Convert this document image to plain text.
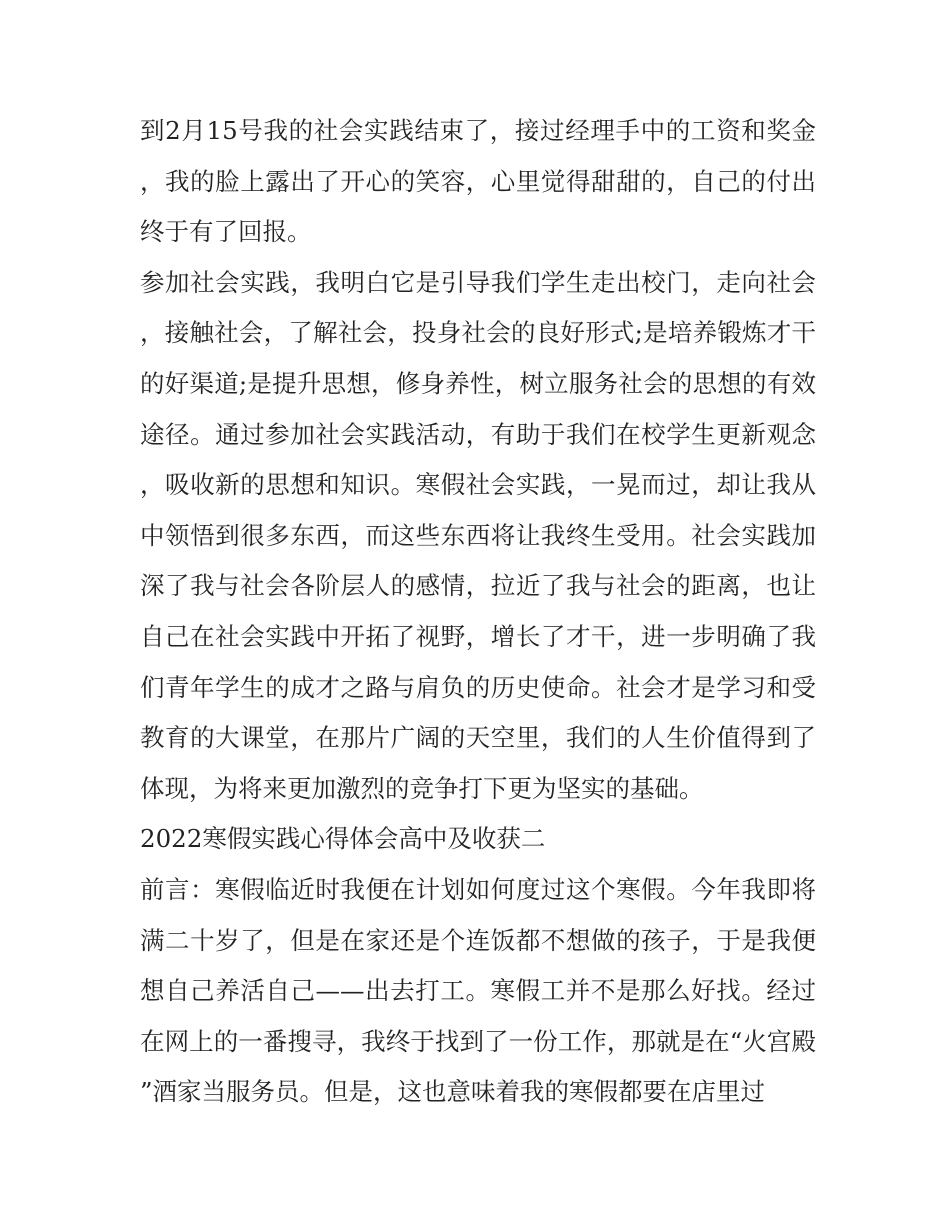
到2月15号我的社会实践结束了，接过经理手中的工资和奖金，我的脸上露出了开心的笑容，心里觉得甜甜的，自己的付出终于有了回报。

参加社会实践，我明白它是引导我们学生走出校门，走向社会，接触社会，了解社会，投身社会的良好形式;是培养锻炼才干的好渠道;是提升思想，修身养性，树立服务社会的思想的有效途径。通过参加社会实践活动，有助于我们在校学生更新观念，吸收新的思想和知识。寒假社会实践，一晃而过，却让我从中领悟到很多东西，而这些东西将让我终生受用。社会实践加深了我与社会各阶层人的感情，拉近了我与社会的距离，也让自己在社会实践中开拓了视野，增长了才干，进一步明确了我们青年学生的成才之路与肩负的历史使命。社会才是学习和受教育的大课堂，在那片广阔的天空里，我们的人生价值得到了体现，为将来更加激烈的竞争打下更为坚实的基础。

2022寒假实践心得体会高中及收获二

前言：寒假临近时我便在计划如何度过这个寒假。今年我即将满二十岁了，但是在家还是个连饭都不想做的孩子，于是我便想自己养活自己——出去打工。寒假工并不是那么好找。经过在网上的一番搜寻，我终于找到了一份工作，那就是在“火宫殿”酒家当服务员。但是，这也意味着我的寒假都要在店里过
